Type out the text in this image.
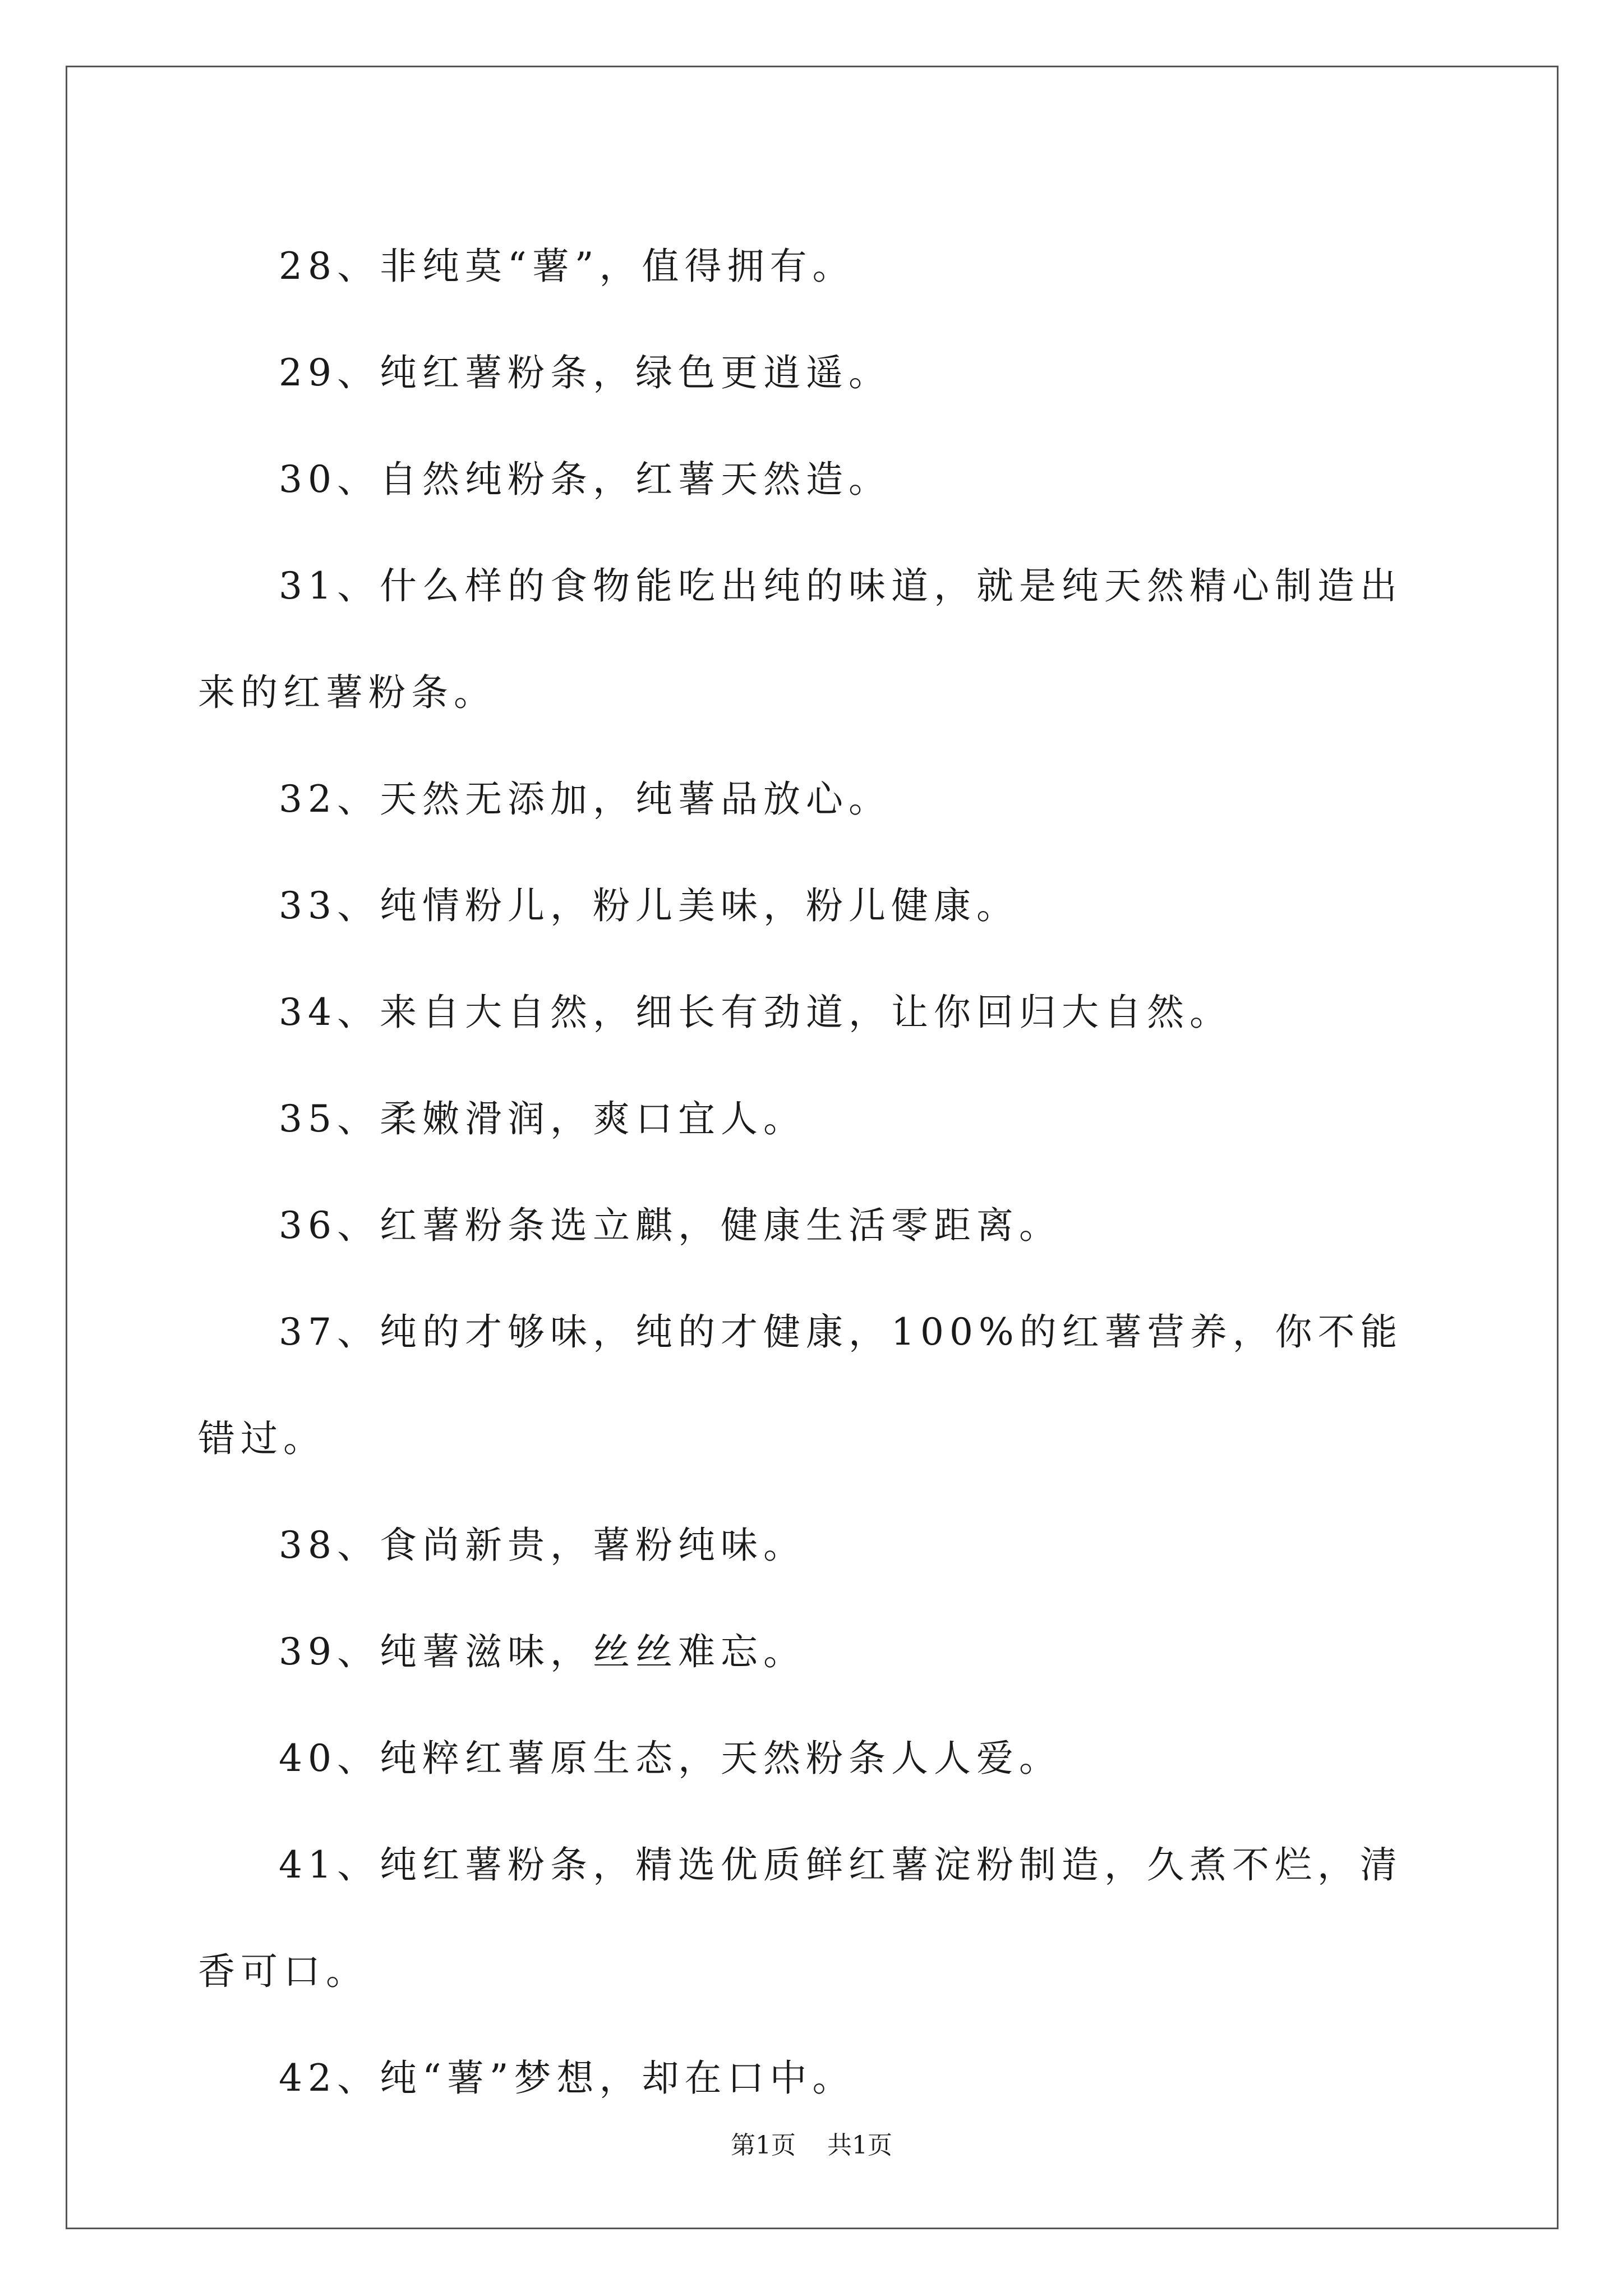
28、非纯莫“薯”，值得拥有。

29、纯红薯粉条，绿色更逍遥。

30、自然纯粉条，红薯天然造。

31、什么样的食物能吃出纯的味道，就是纯天然精心制造出来的红薯粉条。

32、天然无添加，纯薯品放心。

33、纯情粉儿，粉儿美味，粉儿健康。

34、来自大自然，细长有劲道，让你回归大自然。

35、柔嫩滑润，爽口宜人。

36、红薯粉条选立麒，健康生活零距离。

37、纯的才够味，纯的才健康，100%的红薯营养，你不能错过。

38、食尚新贵，薯粉纯味。

39、纯薯滋味，丝丝难忘。

40、纯粹红薯原生态，天然粉条人人爱。

41、纯红薯粉条，精选优质鲜红薯淀粉制造，久煮不烂，清香可口。

42、纯“薯”梦想，却在口中。

第1页 共1页
